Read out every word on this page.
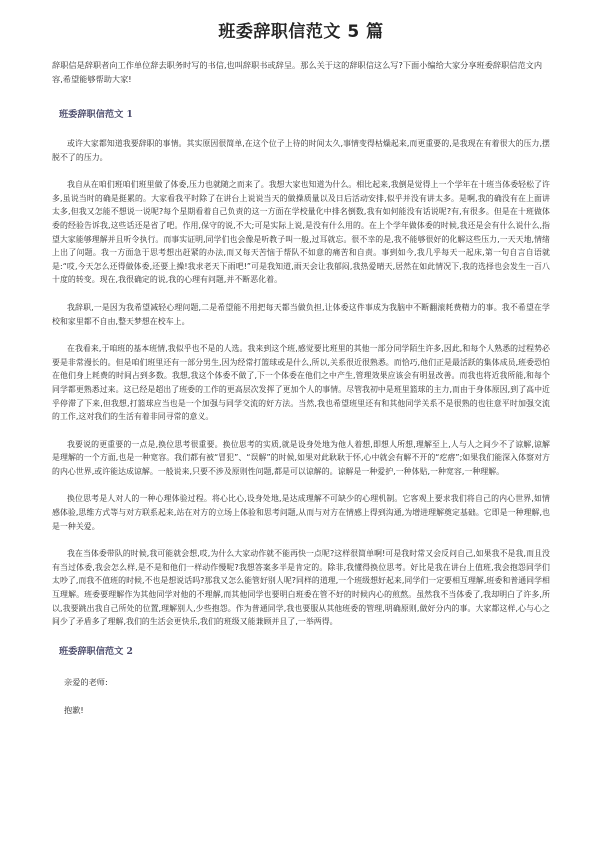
班委辞职信范文 5 篇

辞职信是辞职者向工作单位辞去职务时写的书信,也叫辞职书或辞呈。那么关于这的辞职信这么写?下面小编给大家分享班委辞职信范文内容,希望能够帮助大家!

班委辞职信范文 1

或许大家都知道我要辞职的事情。其实原因很简单,在这个位子上待的时间太久,事情变得枯燥起来,而更重要的,是我现在有着很大的压力,摆脱不了的压力。

我自从在咱们班咱们班里做了体委,压力也就随之而来了。我想大家也知道为什么。相比起来,我倒是觉得上一个学年在十班当体委轻松了许多,虽说当时的确是挺累的。大家看我平时除了在讲台上说说当天的做操质量以及日后活动安排,似乎并没有讲太多。是啊,我的确没有在上面讲太多,但我又怎能不想说一说呢?每个星期看着自己负责的这一方面在学校量化中排名倒数,我有如何能没有话说呢?有,有很多。但是在十班做体委的经验告诉我,这些话还是省了吧。作用,保守的说,不大;可是实际上说,是没有什么用的。在上个学年做体委的时候,我还是会有什么说什么,指望大家能够理解并且听令执行。而事实证明,同学们也会像是听教子叫一般,过耳就忘。很不幸的是,我不能够很好的化解这些压力,一天天地,情绪上出了问题。我一方面急于思考想出赶紧的办法,而又每天苦恼于帮队不如意的痛苦和自责。事到如今,我几乎每天一起床,第一句自言自语就是:“哎,今天怎么还得做体委,还要上操!我求老天下雨吧!”可是我知道,雨天会让我郁闷,我热爱晴天,居然在如此情况下,我的选择也会发生一百八十度的转变。现在,我很确定的说,我的心理有问题,并不断恶化着。

我辞职,一是因为我希望减轻心理问题,二是希望能不用把每天都当做负担,让体委这件事成为我脑中不断翻滚耗费精力的事。我不希望在学校和家里都不自由,整天梦想在校车上。

在我看来,于咱班的基本班情,我似乎也不是的人选。我来到这个班,感觉要比班里的其他一部分同学陌生许多,因此,和每个人熟悉的过程势必要是非常漫长的。但是咱们班里还有一部分男生,因为经常打篮球或是什么,所以,关系很近很熟悉。而恰巧,他们正是最活跃的集体成员,班委恐怕在他们身上耗费的时间占到多数。我想,我这个体委不做了,下一个体委在他们之中产生,管理效果应该会有明显改善。而我也将近我所能,和每个同学都更熟悉过来。这已经是超出了班委的工作的更高层次发挥了更加个人的事情。尽管我初中是班里篮球的主力,而由于身体原因,到了高中近乎停滞了下来,但我想,打篮球应当也是一个加强与同学交流的好方法。当然,我也希望班里还有和其他同学关系不是很熟的也往意平时加强交流的工作,这对我们的生活有着非同寻常的意义。

我要说的更重要的一点是,换位思考很重要。换位思考的实质,就是设身处地为他人着想,即想人所想,理解至上,人与人之间少不了谅解,谅解是理解的一个方面,也是一种宽容。我们都有被“冒犯”、“误解”的时候,如果对此耿耿于怀,心中就会有解不开的“疙瘩”;如果我们能深入体察对方的内心世界,或许能达成谅解。一般说来,只要不涉及原则性问题,都是可以谅解的。谅解是一种爱护,一种体贴,一种宽容,一种理解。

换位思考是人对人的一种心理体验过程。将心比心,设身处地,是达成理解不可缺少的心理机制。它客观上要求我们将自己的内心世界,如情感体验,思维方式等与对方联系起来,站在对方的立场上体验和思考问题,从而与对方在情感上得到沟通,为增进理解奠定基础。它即是一种理解,也是一种关爱。

我在当体委带队的时候,我可能就会想,哎,为什么大家动作就不能再快一点呢?这样很简单啊!可是我时常又会反问自己,如果我不是我,而且没有当过体委,我会怎么样,是不是和他们一样动作慢呢?我想答案多半是肯定的。除非,我懂得换位思考。好比是我在讲台上值班,我会抱怨同学们太吵了,而我不值班的时候,不也是想说话吗?那我又怎么能管好别人呢?同样的道理,一个班级想好起来,同学们一定要相互理解,班委和普通同学相互理解。班委要理解作为其他同学对他的不理解,而其他同学也要明白班委在管不好的时候内心的煎熬。虽然我不当体委了,我却明白了许多,所以,我要跳出我自己所处的位置,理解别人,少些抱怨。作为普通同学,我也要服从其他班委的管理,明确原则,做好分内的事。大家都这样,心与心之间少了矛盾多了理解,我们的生活会更快乐,我们的班级又能兼顾并且了,一举两得。

班委辞职信范文 2

亲爱的老师:

抱歉!
